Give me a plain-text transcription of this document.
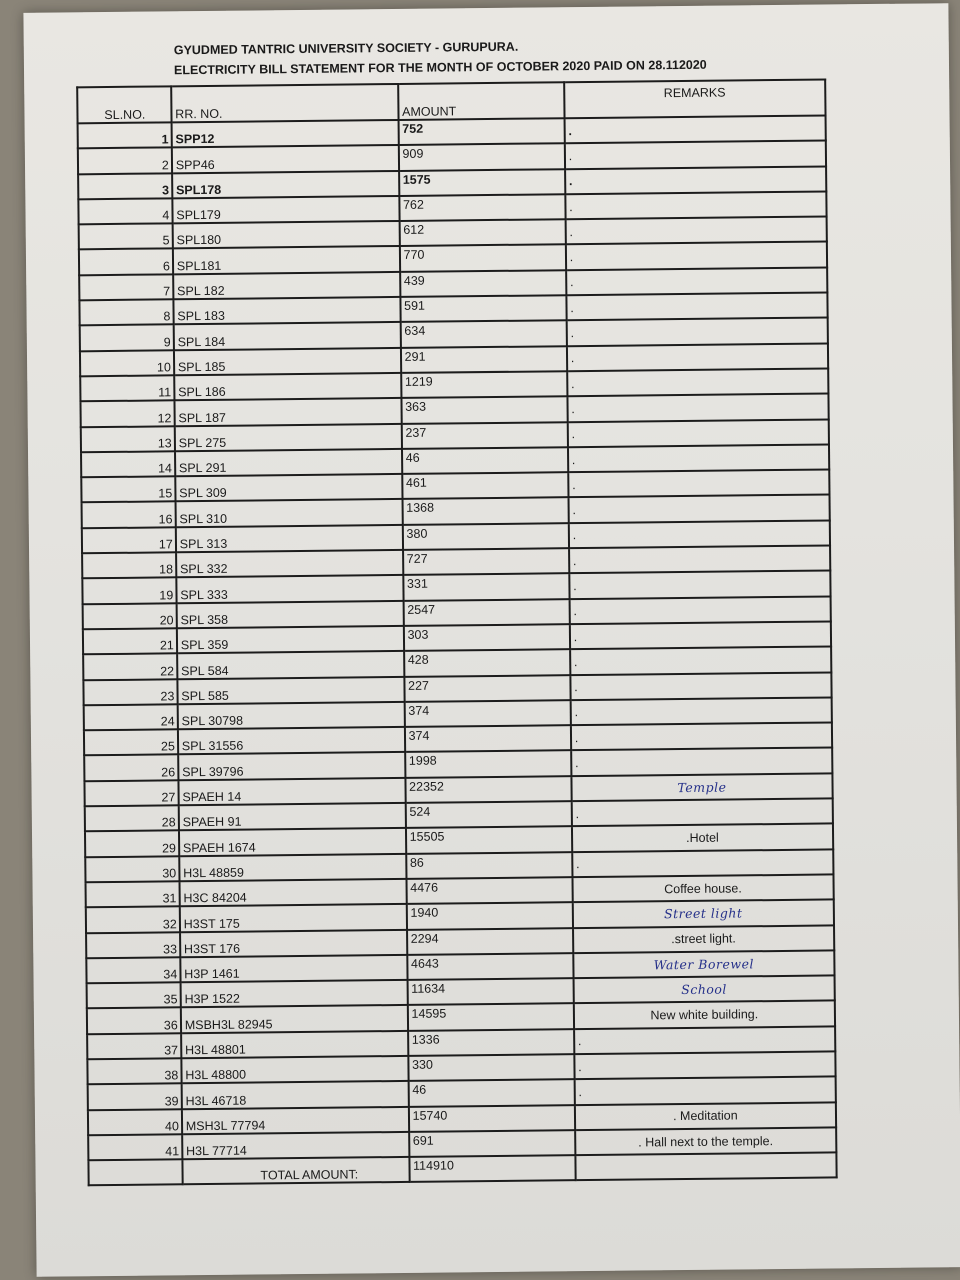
GYUDMED TANTRIC UNIVERSITY SOCIETY - GURUPURA.
ELECTRICITY BILL STATEMENT FOR THE MONTH OF OCTOBER 2020 PAID ON 28.112020
SL.NO.	RR. NO.	AMOUNT	REMARKS
1	SPP12	752	.
2	SPP46	909	.
3	SPL178	1575	.
4	SPL179	762	.
5	SPL180	612	.
6	SPL181	770	.
7	SPL 182	439	.
8	SPL 183	591	.
9	SPL 184	634	.
10	SPL 185	291	.
11	SPL 186	1219	.
12	SPL 187	363	.
13	SPL 275	237	.
14	SPL 291	46	.
15	SPL 309	461	.
16	SPL 310	1368	.
17	SPL 313	380	.
18	SPL 332	727	.
19	SPL 333	331	.
20	SPL 358	2547	.
21	SPL 359	303	.
22	SPL 584	428	.
23	SPL 585	227	.
24	SPL 30798	374	.
25	SPL 31556	374	.
26	SPL 39796	1998	.
27	SPAEH 14	22352	Temple
28	SPAEH 91	524	.
29	SPAEH 1674	15505	.Hotel
30	H3L 48859	86	.
31	H3C 84204	4476	Coffee house.
32	H3ST 175	1940	Street light
33	H3ST 176	2294	.street light.
34	H3P 1461	4643	Water Borewel
35	H3P 1522	11634	School
36	MSBH3L 82945	14595	New white building.
37	H3L 48801	1336	.
38	H3L 48800	330	.
39	H3L 46718	46	.
40	MSH3L 77794	15740	. Meditation
41	H3L 77714	691	. Hall next to the temple.
	TOTAL AMOUNT:	114910	
